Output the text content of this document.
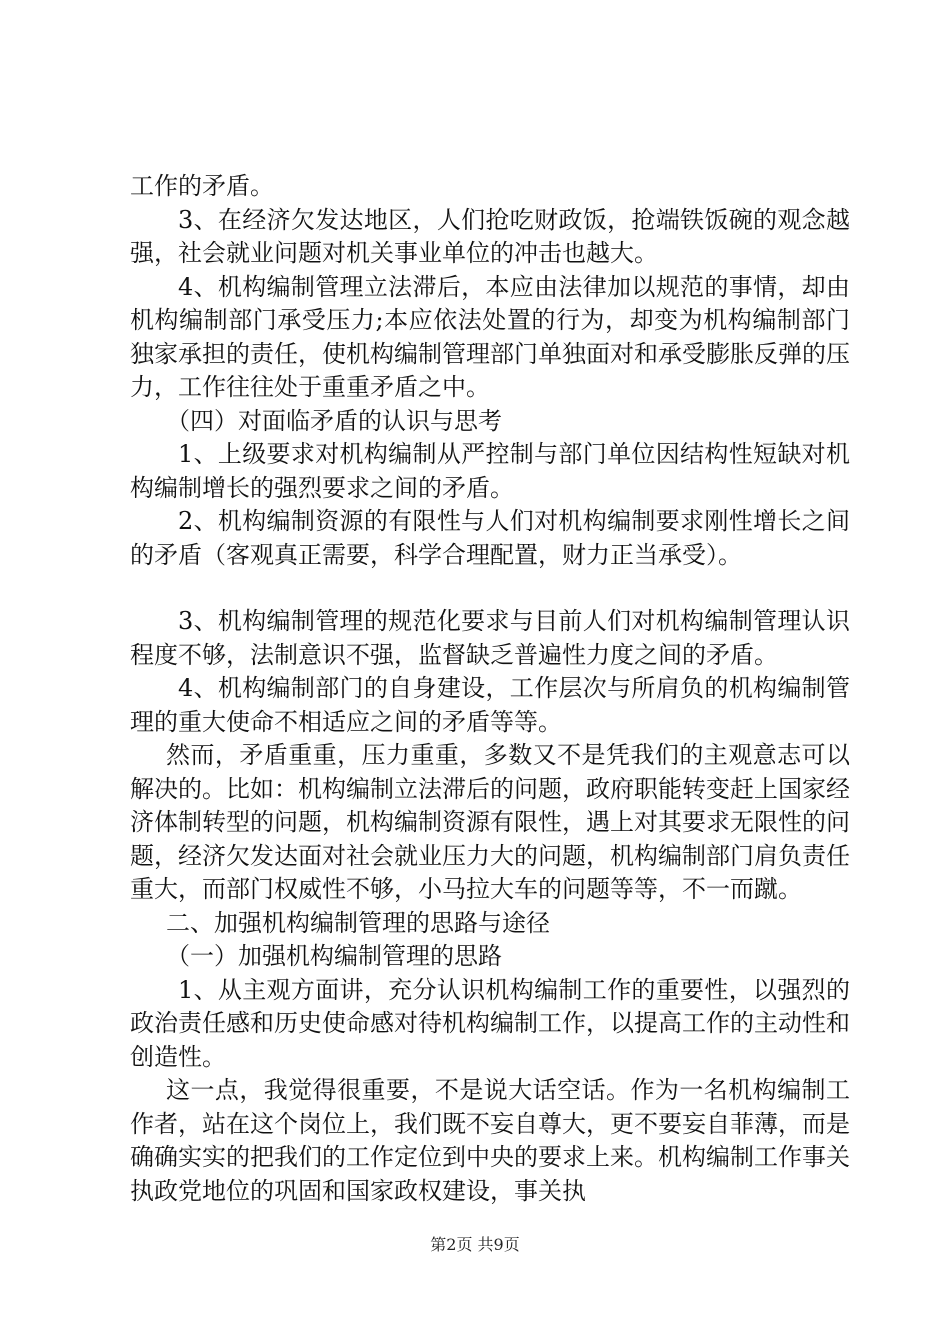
工作的矛盾。

3、在经济欠发达地区，人们抢吃财政饭，抢端铁饭碗的观念越强，社会就业问题对机关事业单位的冲击也越大。

4、机构编制管理立法滞后，本应由法律加以规范的事情，却由机构编制部门承受压力;本应依法处置的行为，却变为机构编制部门独家承担的责任，使机构编制管理部门单独面对和承受膨胀反弹的压力，工作往往处于重重矛盾之中。

（四）对面临矛盾的认识与思考

1、上级要求对机构编制从严控制与部门单位因结构性短缺对机构编制增长的强烈要求之间的矛盾。

2、机构编制资源的有限性与人们对机构编制要求刚性增长之间的矛盾（客观真正需要，科学合理配置，财力正当承受）。

3、机构编制管理的规范化要求与目前人们对机构编制管理认识程度不够，法制意识不强，监督缺乏普遍性力度之间的矛盾。

4、机构编制部门的自身建设，工作层次与所肩负的机构编制管理的重大使命不相适应之间的矛盾等等。

然而，矛盾重重，压力重重，多数又不是凭我们的主观意志可以解决的。比如：机构编制立法滞后的问题，政府职能转变赶上国家经济体制转型的问题，机构编制资源有限性，遇上对其要求无限性的问题，经济欠发达面对社会就业压力大的问题，机构编制部门肩负责任重大，而部门权威性不够，小马拉大车的问题等等，不一而蹴。

二、加强机构编制管理的思路与途径

（一）加强机构编制管理的思路

1、从主观方面讲，充分认识机构编制工作的重要性，以强烈的政治责任感和历史使命感对待机构编制工作，以提高工作的主动性和创造性。

这一点，我觉得很重要，不是说大话空话。作为一名机构编制工作者，站在这个岗位上，我们既不妄自尊大，更不要妄自菲薄，而是确确实实的把我们的工作定位到中央的要求上来。机构编制工作事关执政党地位的巩固和国家政权建设，事关执

第2页 共9页
